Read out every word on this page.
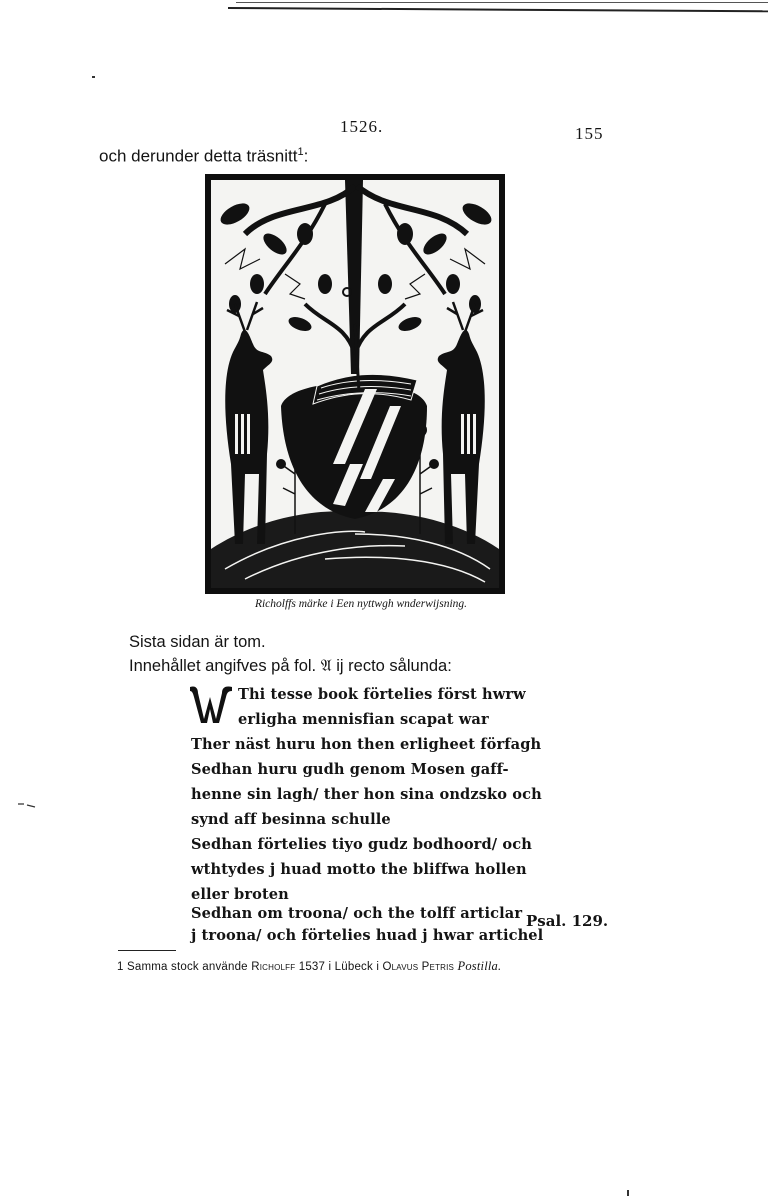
1526.	155
och derunder detta träsnitt$^1$:
Richolffs märke i Een nyttwgh wnderwijsning.
Sista sidan är tom.
Innehållet angifves på fol. 𝔄 ij recto sålunda:
W
Thi tesse book förtelies först hwrw
erligha mennisfian scapat war
Ther näst huru hon then erligheet förfagh
Sedhan huru gudh genom Mosen gaff-
henne sin lagh/ ther hon sina ondzsko och
synd aff besinna schulle
Sedhan förtelies tiyo gudz bodhoord/ och
wthtydes j huad motto the bliffwa hollen
eller broten
Sedhan om troona/ och the tolff articlar
j troona/ och förtelies huad j hwar artichel
Psal. 129.
1 Samma stock använde Richolff 1537 i Lübeck i Olavus Petris Postilla.
